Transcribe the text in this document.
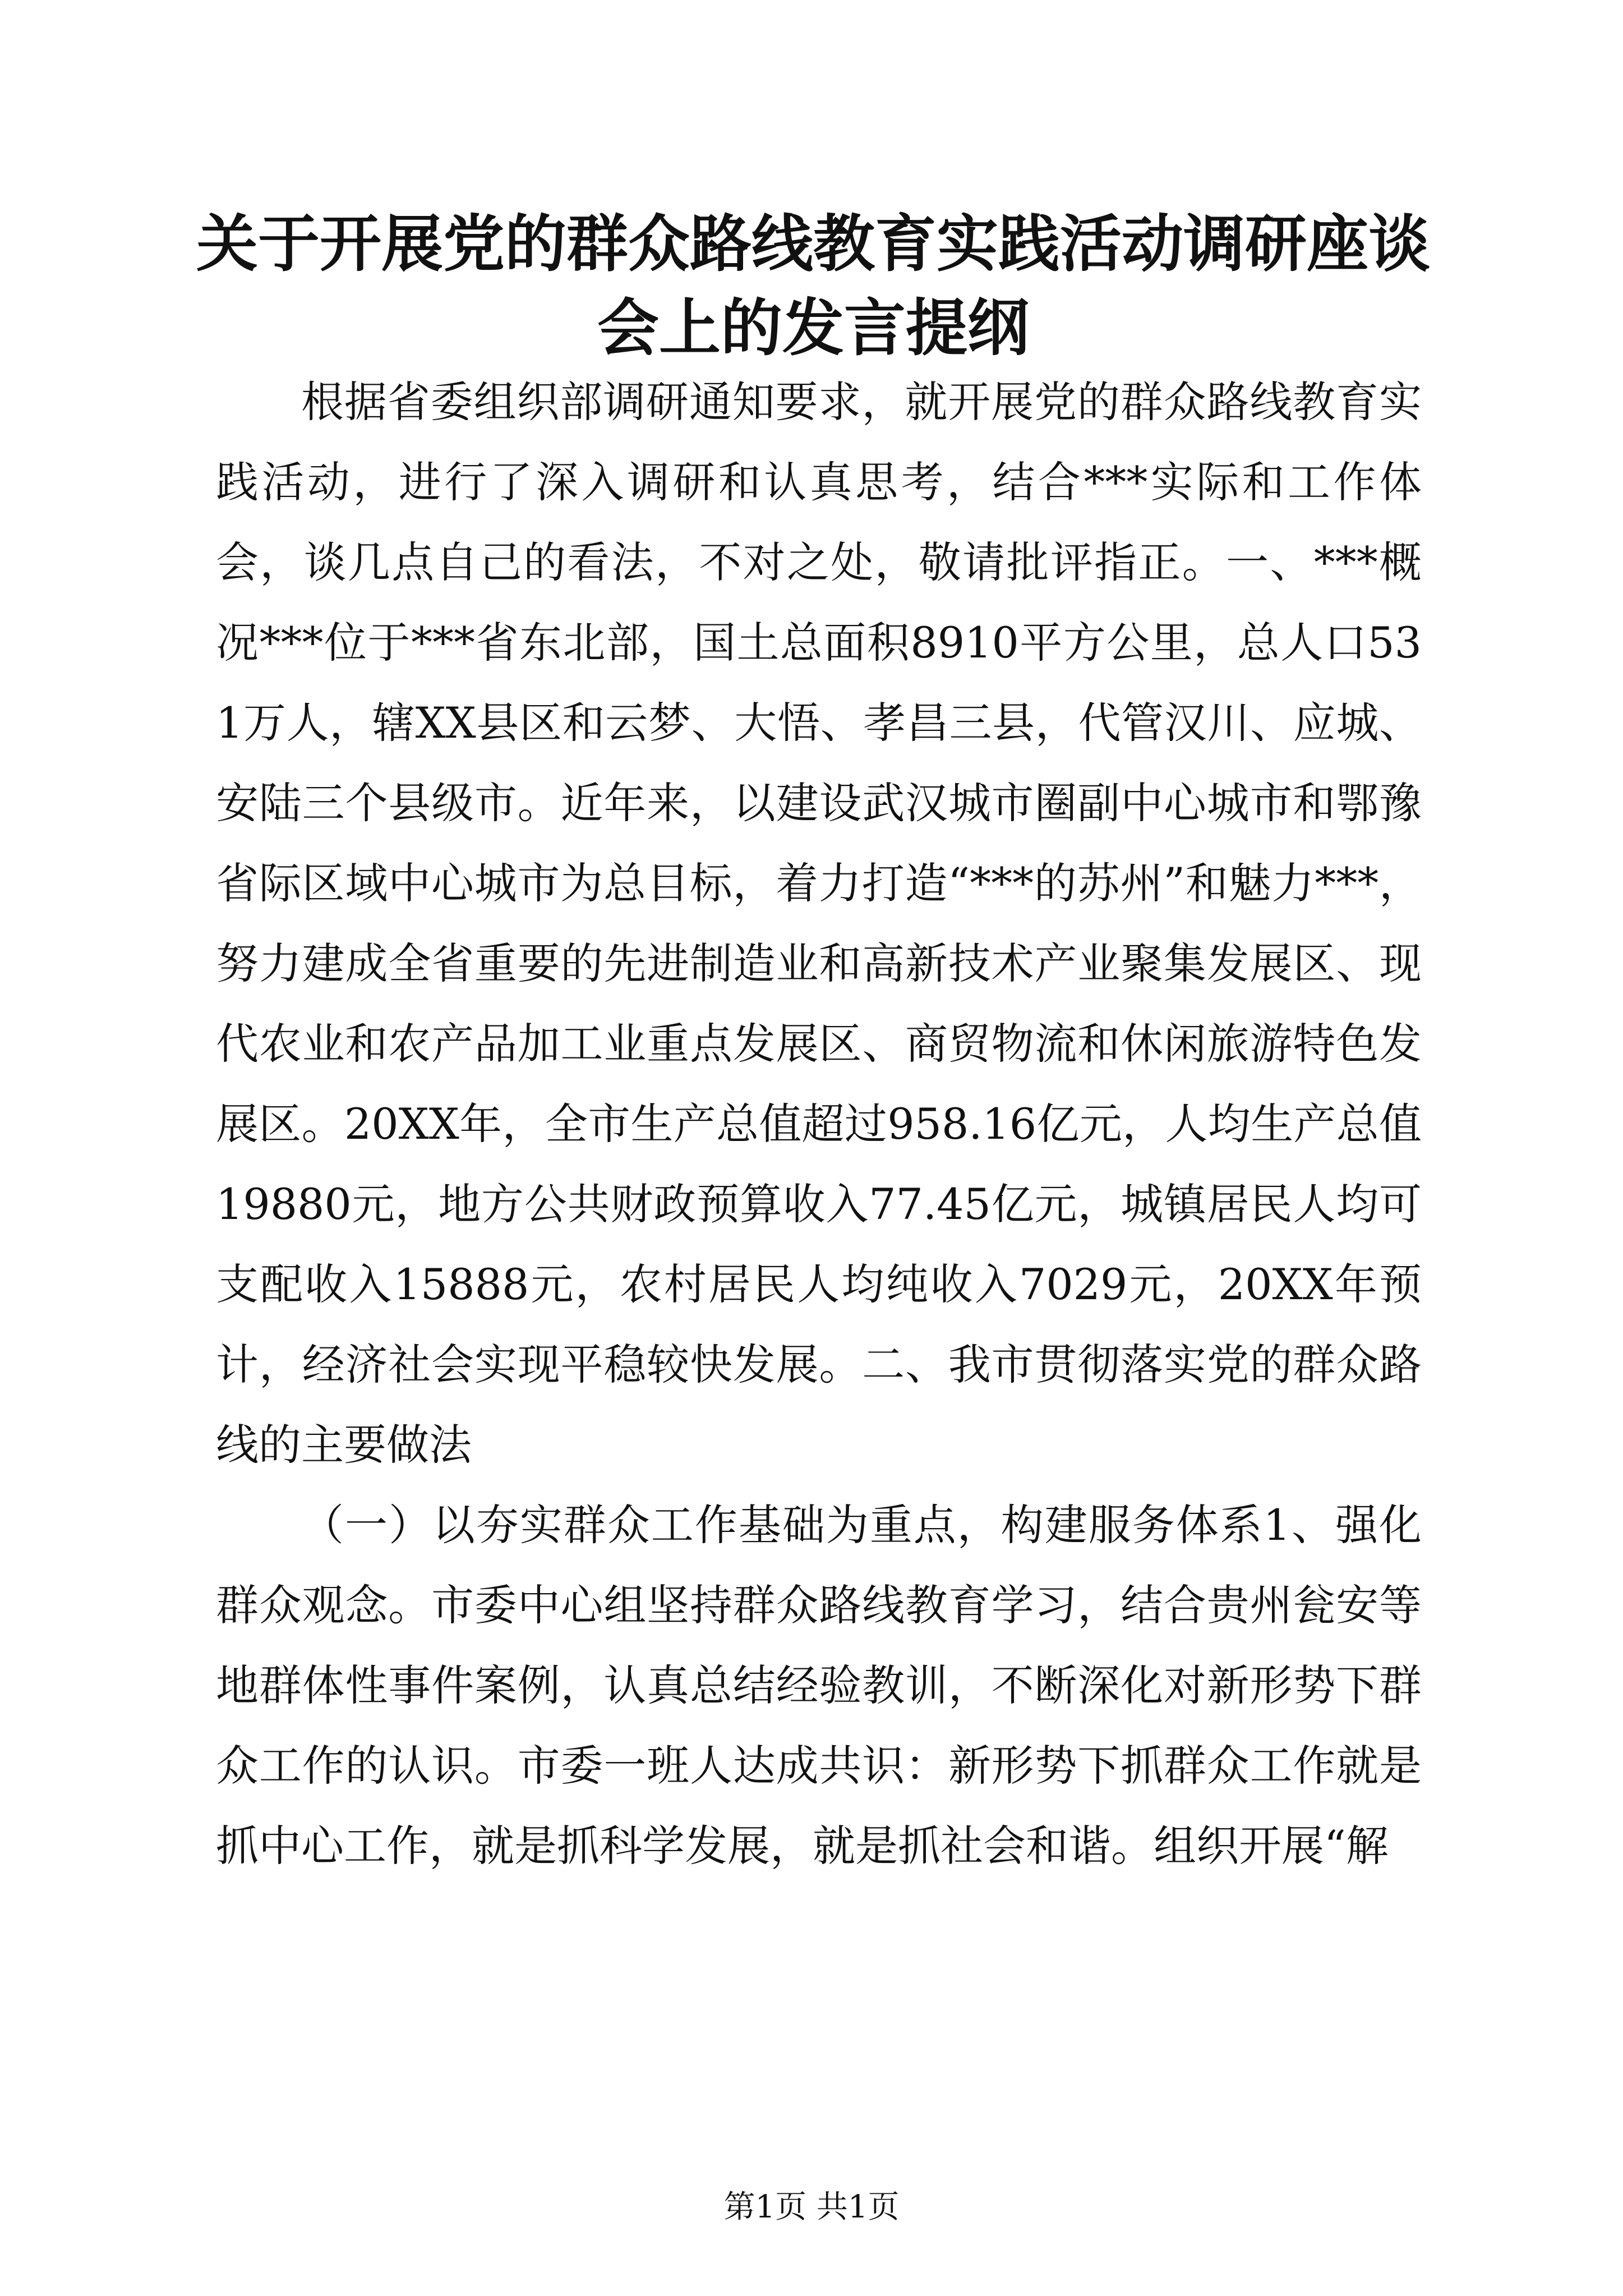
关于开展党的群众路线教育实践活动调研座谈
会上的发言提纲

根据省委组织部调研通知要求，就开展党的群众路线教育实践活动，进行了深入调研和认真思考，结合***实际和工作体会，谈几点自己的看法，不对之处，敬请批评指正。一、***概况***位于***省东北部，国土总面积8910平方公里，总人口531万人，辖XX县区和云梦、大悟、孝昌三县，代管汉川、应城、安陆三个县级市。近年来，以建设武汉城市圈副中心城市和鄂豫省际区域中心城市为总目标，着力打造“***的苏州”和魅力***，努力建成全省重要的先进制造业和高新技术产业聚集发展区、现代农业和农产品加工业重点发展区、商贸物流和休闲旅游特色发展区。20XX年，全市生产总值超过958.16亿元，人均生产总值19880元，地方公共财政预算收入77.45亿元，城镇居民人均可支配收入15888元，农村居民人均纯收入7029元，20XX年预计，经济社会实现平稳较快发展。二、我市贯彻落实党的群众路线的主要做法

（一）以夯实群众工作基础为重点，构建服务体系1、强化群众观念。市委中心组坚持群众路线教育学习，结合贵州瓮安等地群体性事件案例，认真总结经验教训，不断深化对新形势下群众工作的认识。市委一班人达成共识：新形势下抓群众工作就是抓中心工作，就是抓科学发展，就是抓社会和谐。组织开展“解

第1页 共1页
